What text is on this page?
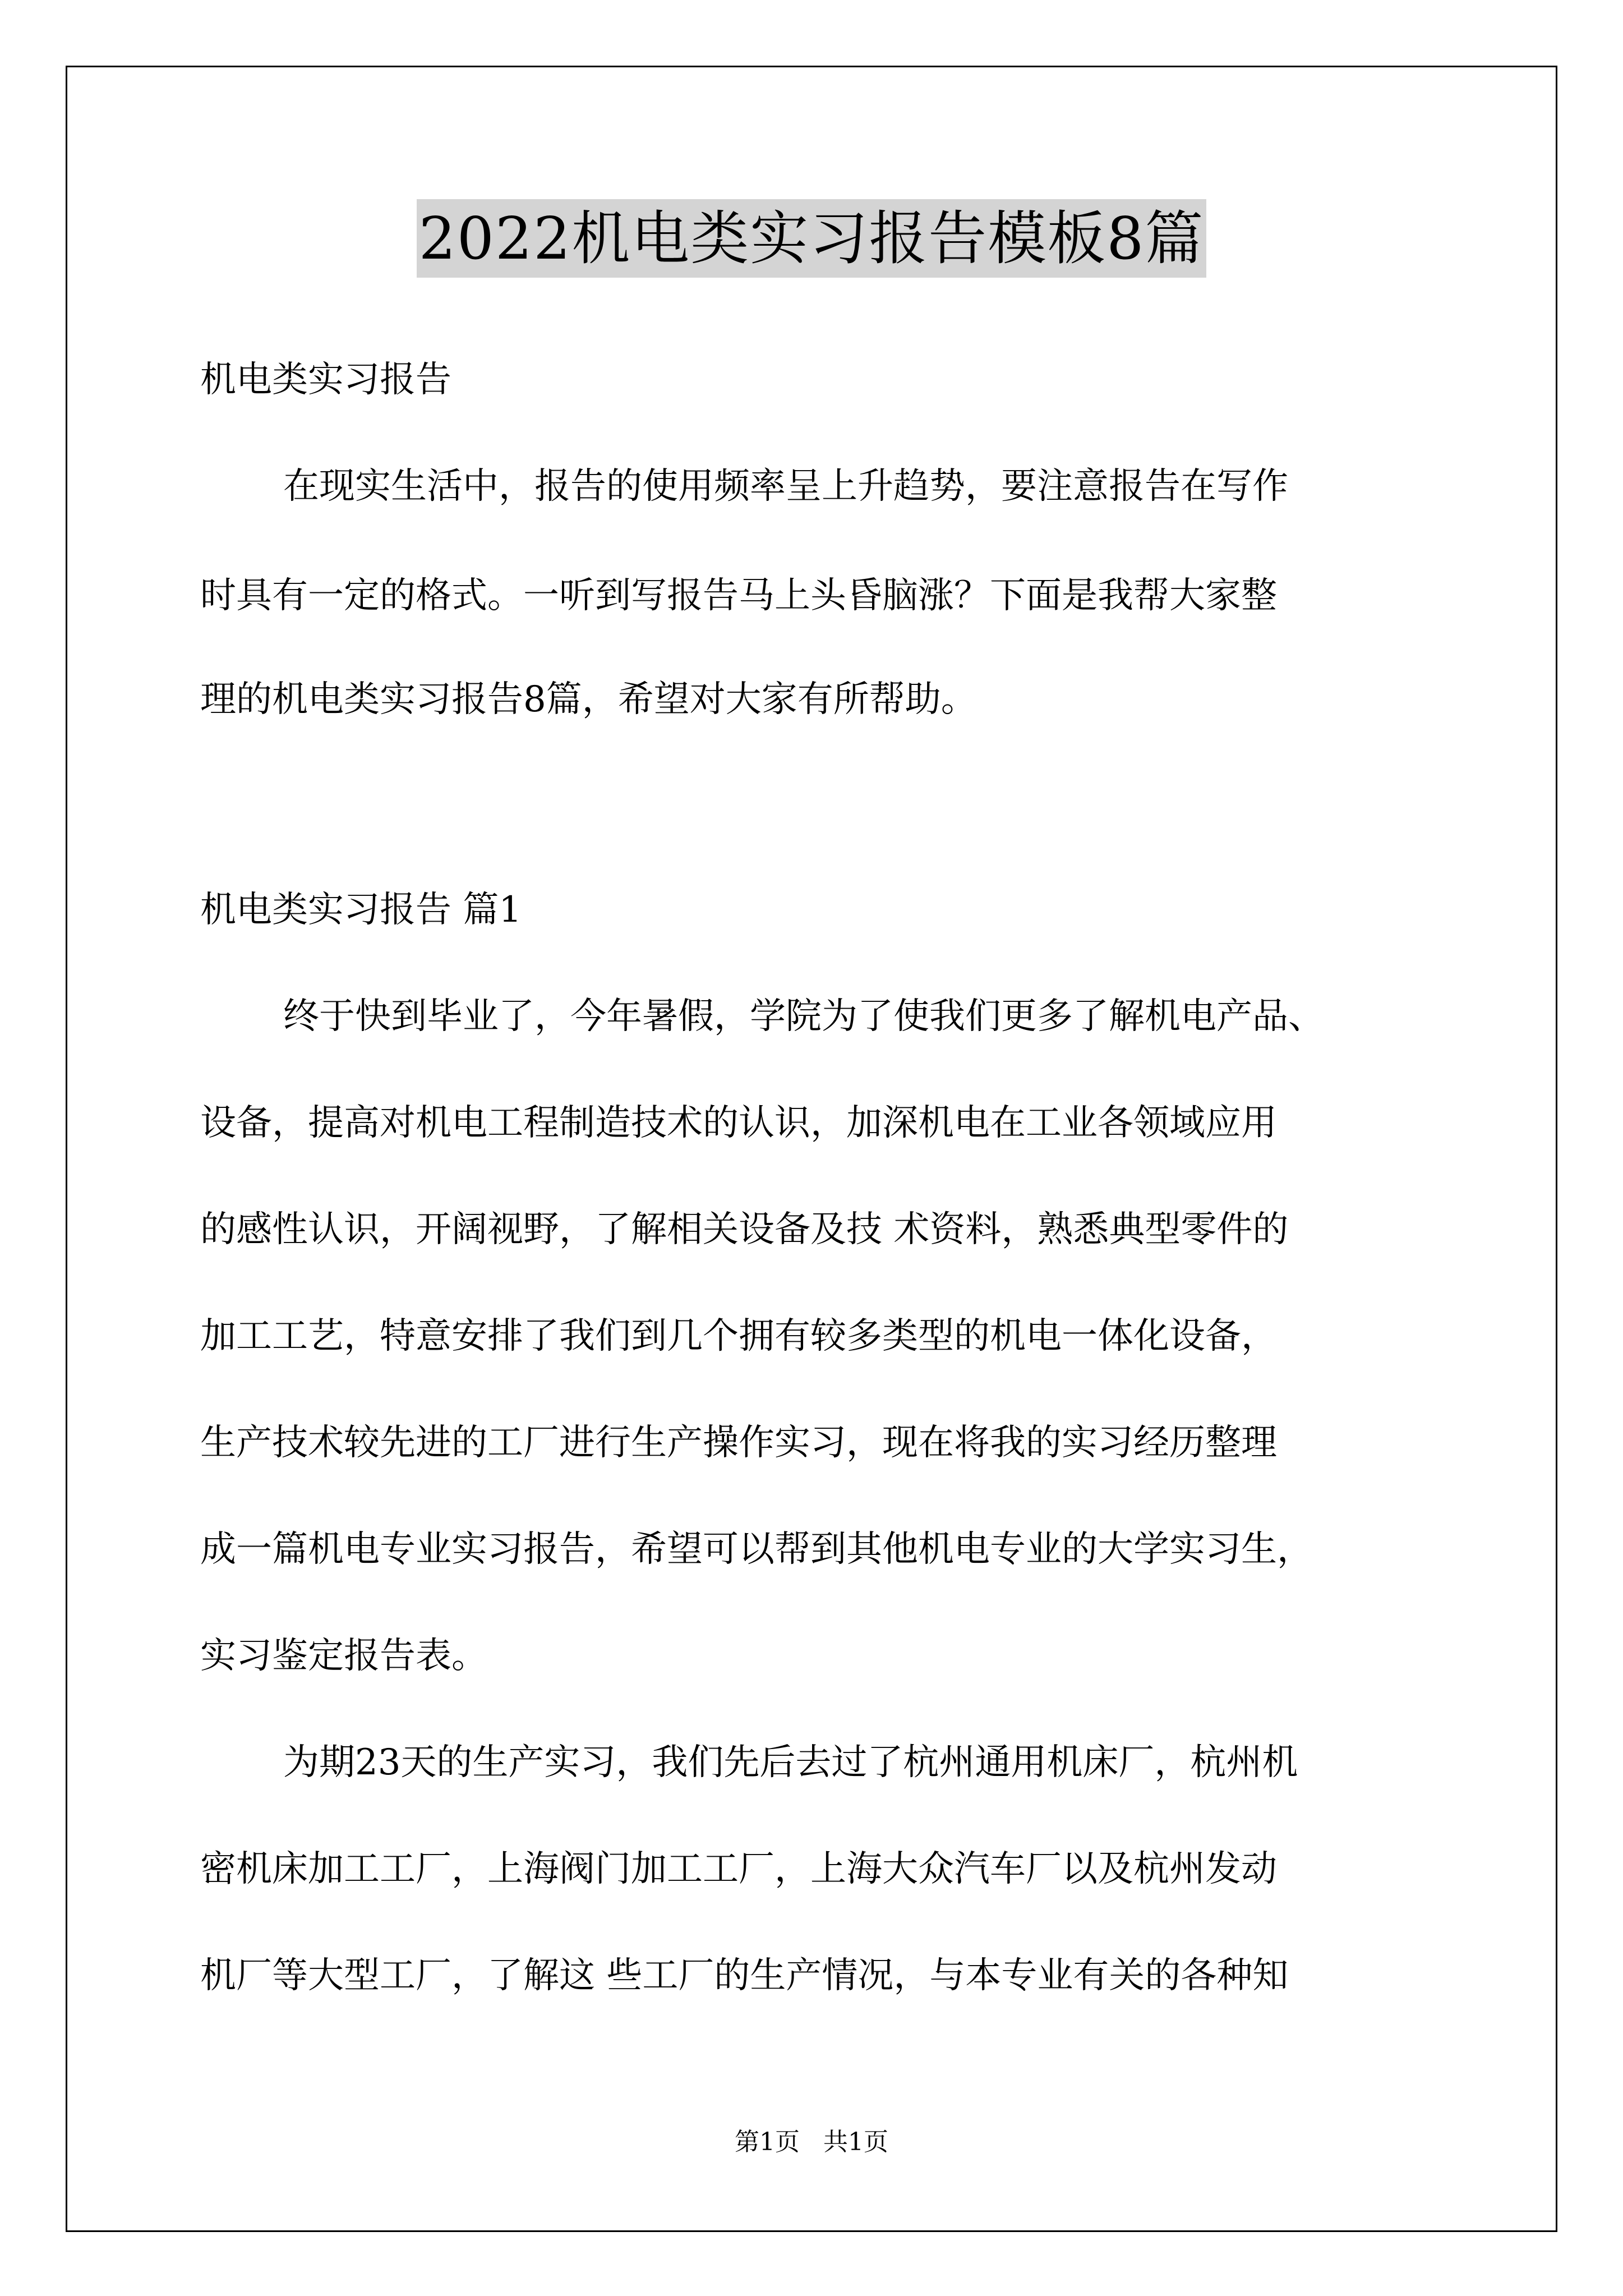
2022机电类实习报告模板8篇
机电类实习报告
在现实生活中，报告的使用频率呈上升趋势，要注意报告在写作
时具有一定的格式。一听到写报告马上头昏脑涨？下面是我帮大家整
理的机电类实习报告8篇，希望对大家有所帮助。
机电类实习报告 篇1
终于快到毕业了，今年暑假，学院为了使我们更多了解机电产品、
设备，提高对机电工程制造技术的认识，加深机电在工业各领域应用
的感性认识，开阔视野，了解相关设备及技 术资料，熟悉典型零件的
加工工艺，特意安排了我们到几个拥有较多类型的机电一体化设备，
生产技术较先进的工厂进行生产操作实习，现在将我的实习经历整理
成一篇机电专业实习报告，希望可以帮到其他机电专业的大学实习生，
实习鉴定报告表。
为期23天的生产实习，我们先后去过了杭州通用机床厂，杭州机
密机床加工工厂，上海阀门加工工厂，上海大众汽车厂以及杭州发动
机厂等大型工厂，了解这 些工厂的生产情况，与本专业有关的各种知
第1页 共1页
